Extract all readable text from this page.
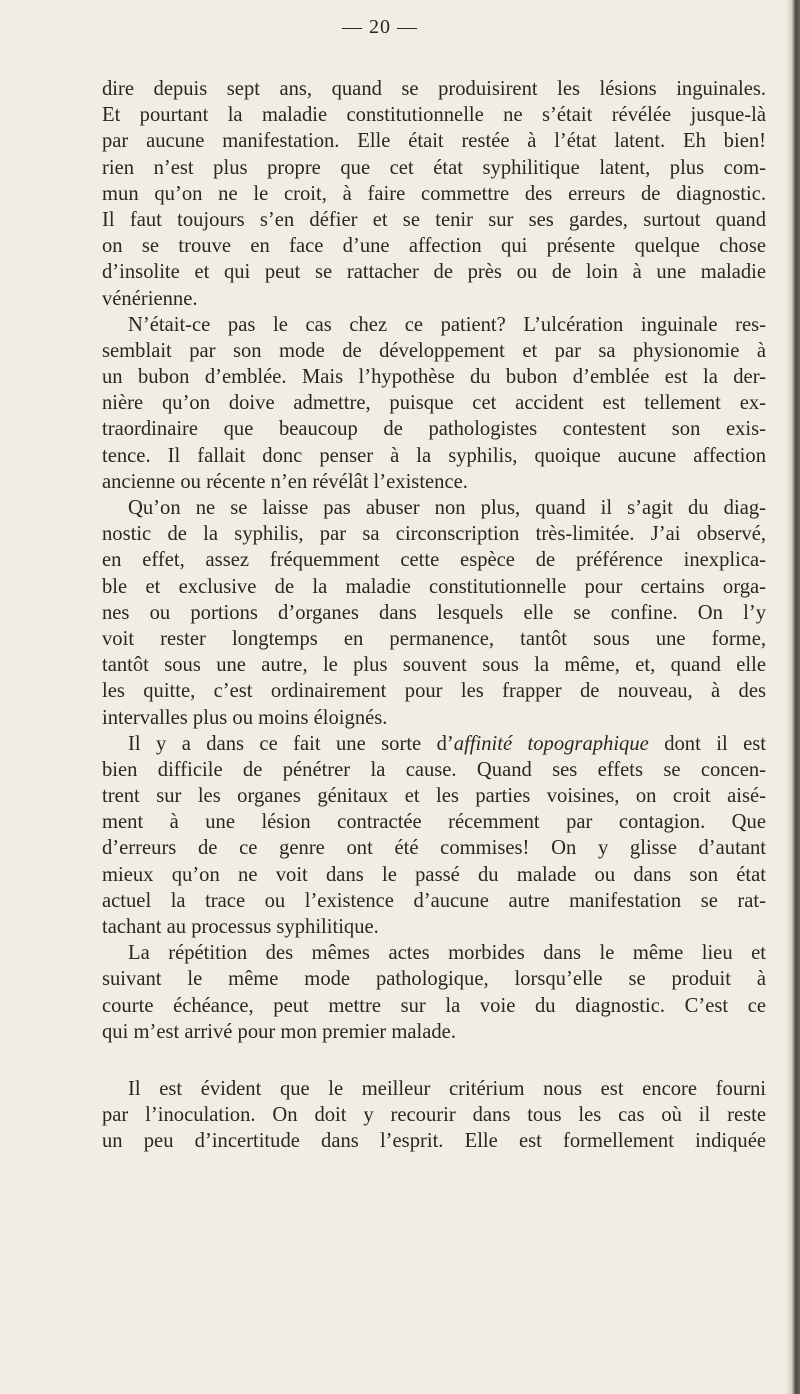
— 20 —
dire depuis sept ans, quand se produisirent les lésions inguinales.
Et pourtant la maladie constitutionnelle ne s’était révélée jusque-là
par aucune manifestation. Elle était restée à l’état latent. Eh bien!
rien n’est plus propre que cet état syphilitique latent, plus com-
mun qu’on ne le croit, à faire commettre des erreurs de diagnostic.
Il faut toujours s’en défier et se tenir sur ses gardes, surtout quand
on se trouve en face d’une affection qui présente quelque chose
d’insolite et qui peut se rattacher de près ou de loin à une maladie
vénérienne.
N’était-ce pas le cas chez ce patient? L’ulcération inguinale res-
semblait par son mode de développement et par sa physionomie à
un bubon d’emblée. Mais l’hypothèse du bubon d’emblée est la der-
nière qu’on doive admettre, puisque cet accident est tellement ex-
traordinaire que beaucoup de pathologistes contestent son exis-
tence. Il fallait donc penser à la syphilis, quoique aucune affection
ancienne ou récente n’en révélât l’existence.
Qu’on ne se laisse pas abuser non plus, quand il s’agit du diag-
nostic de la syphilis, par sa circonscription très-limitée. J’ai observé,
en effet, assez fréquemment cette espèce de préférence inexplica-
ble et exclusive de la maladie constitutionnelle pour certains orga-
nes ou portions d’organes dans lesquels elle se confine. On l’y
voit rester longtemps en permanence, tantôt sous une forme,
tantôt sous une autre, le plus souvent sous la même, et, quand elle
les quitte, c’est ordinairement pour les frapper de nouveau, à des
intervalles plus ou moins éloignés.
Il y a dans ce fait une sorte d’affinité topographique dont il est
bien difficile de pénétrer la cause. Quand ses effets se concen-
trent sur les organes génitaux et les parties voisines, on croit aisé-
ment à une lésion contractée récemment par contagion. Que
d’erreurs de ce genre ont été commises! On y glisse d’autant
mieux qu’on ne voit dans le passé du malade ou dans son état
actuel la trace ou l’existence d’aucune autre manifestation se rat-
tachant au processus syphilitique.
La répétition des mêmes actes morbides dans le même lieu et
suivant le même mode pathologique, lorsqu’elle se produit à
courte échéance, peut mettre sur la voie du diagnostic. C’est ce
qui m’est arrivé pour mon premier malade.
Il est évident que le meilleur critérium nous est encore fourni
par l’inoculation. On doit y recourir dans tous les cas où il reste
un peu d’incertitude dans l’esprit. Elle est formellement indiquée
